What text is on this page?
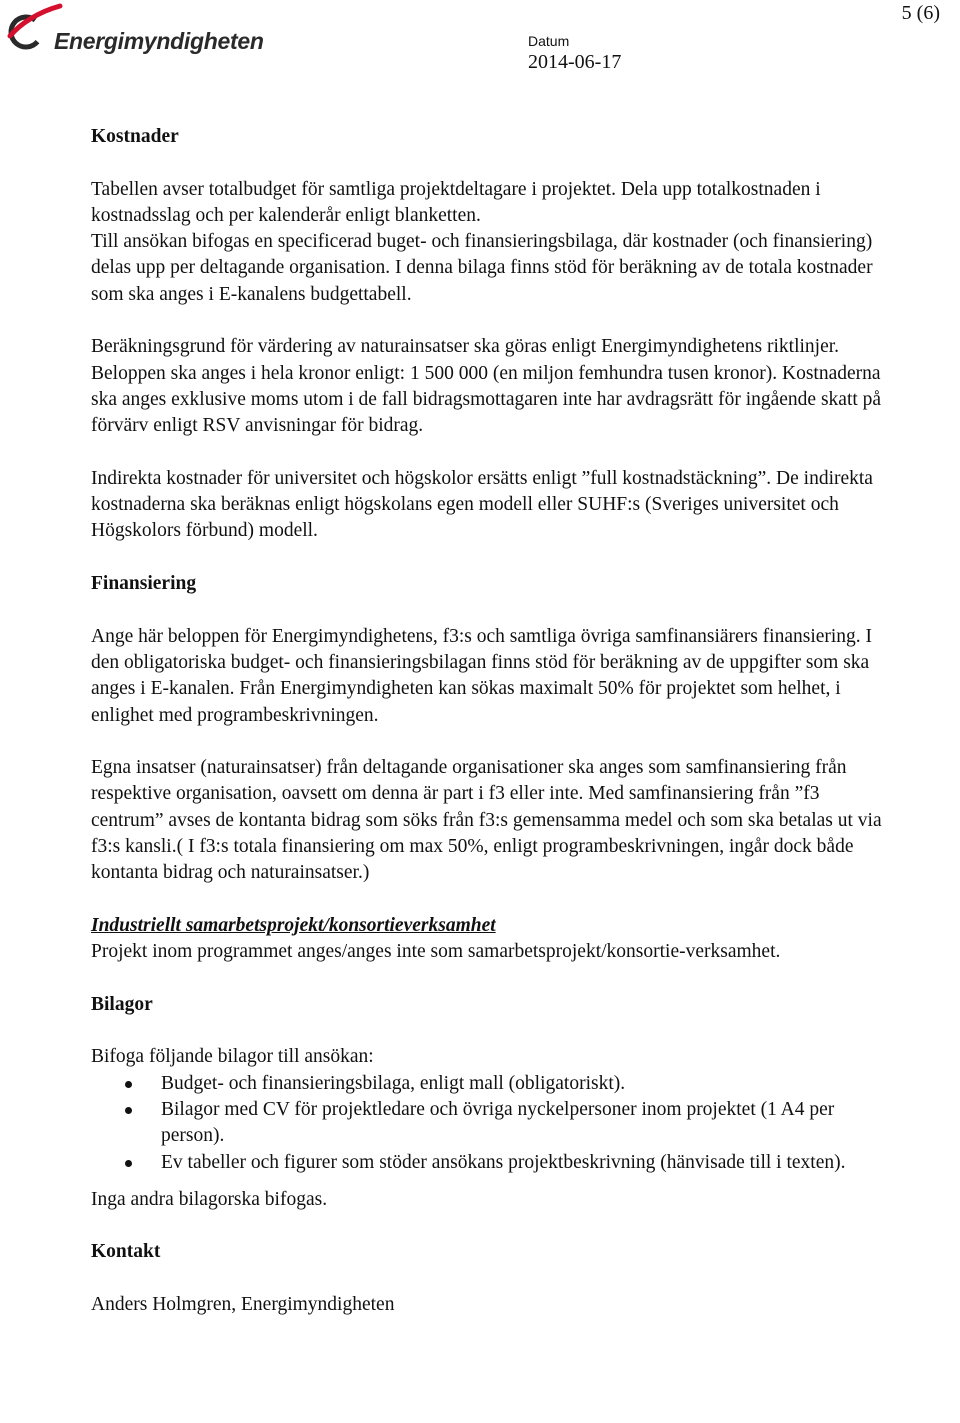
Energimyndigheten
5 (6)
Datum
2014-06-17
Kostnader

Tabellen avser totalbudget för samtliga projektdeltagare i projektet. Dela upp totalkostnaden i kostnadsslag och per kalenderår enligt blanketten.

Till ansökan bifogas en specificerad buget- och finansieringsbilaga, där kostnader (och finansiering) delas upp per deltagande organisation. I denna bilaga finns stöd för beräkning av de totala kostnader som ska anges i E-kanalens budgettabell.

Beräkningsgrund för värdering av naturainsatser ska göras enligt Energimyndighetens riktlinjer. Beloppen ska anges i hela kronor enligt: 1 500 000 (en miljon femhundra tusen kronor). Kostnaderna ska anges exklusive moms utom i de fall bidragsmottagaren inte har avdragsrätt för ingående skatt på förvärv enligt RSV anvisningar för bidrag.

Indirekta kostnader för universitet och högskolor ersätts enligt ”full kostnadstäckning”. De indirekta kostnaderna ska beräknas enligt högskolans egen modell eller SUHF:s (Sveriges universitet och Högskolors förbund) modell.

Finansiering

Ange här beloppen för Energimyndighetens, f3:s och samtliga övriga samfinansiärers finansiering. I den obligatoriska budget- och finansieringsbilagan finns stöd för beräkning av de uppgifter som ska anges i E-kanalen. Från Energimyndigheten kan sökas maximalt 50% för projektet som helhet, i enlighet med programbeskrivningen.

Egna insatser (naturainsatser) från deltagande organisationer ska anges som samfinansiering från respektive organisation, oavsett om denna är part i f3 eller inte. Med samfinansiering från ”f3 centrum” avses de kontanta bidrag som söks från f3:s gemensamma medel och som ska betalas ut via f3:s kansli.( I f3:s totala finansiering om max 50%, enligt programbeskrivningen, ingår dock både kontanta bidrag och naturainsatser.)

Industriellt samarbetsprojekt/konsortieverksamhet

Projekt inom programmet anges/anges inte som samarbetsprojekt/konsortie-verksamhet.

Bilagor

Bifoga följande bilagor till ansökan:

Budget- och finansieringsbilaga, enligt mall (obligatoriskt).
Bilagor med CV för projektledare och övriga nyckelpersoner inom projektet (1 A4 per person).
Ev tabeller och figurer som stöder ansökans projektbeskrivning (hänvisade till i texten).

Inga andra bilagorska bifogas.

Kontakt

Anders Holmgren, Energimyndigheten
